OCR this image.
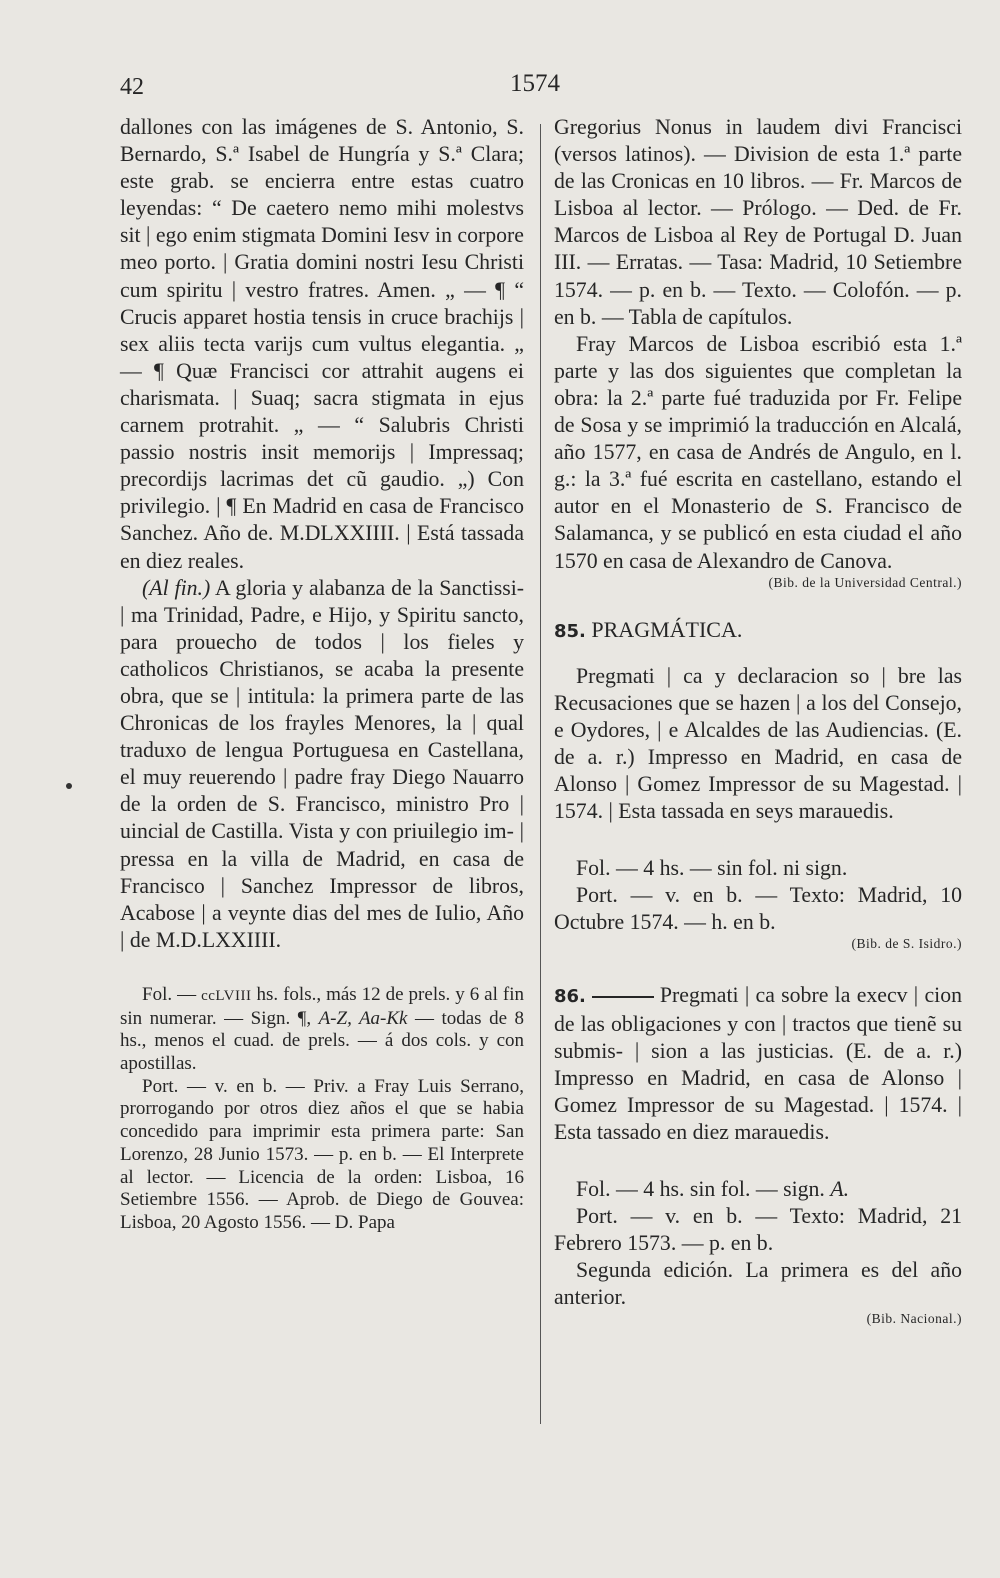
42	1574

dallones con las imágenes de S. Antonio, S. Bernardo, S.ª Isabel de Hungría y S.ª Clara; este grab. se encierra entre estas cuatro leyendas: “ De caetero nemo mihi molestvs sit | ego enim stigmata Domini Iesv in corpore meo porto. | Gratia domini nostri Iesu Christi cum spiritu | vestro fratres. Amen. „ — ¶ “ Crucis apparet hostia tensis in cruce brachijs | sex aliis tecta varijs cum vultus elegantia. „ — ¶ Quæ Francisci cor attrahit augens ei charismata. | Suaq; sacra stigmata in ejus carnem protrahit. „ — “ Salubris Christi passio nostris insit memorijs | Impressaq; precordijs lacrimas det cũ gaudio. „) Con privilegio. | ¶ En Madrid en casa de Francisco Sanchez. Año de. M.DLXXIIII. | Está tassada en diez reales.

(Al fin.) A gloria y alabanza de la Sanctissi- | ma Trinidad, Padre, e Hijo, y Spiritu sancto, para prouecho de todos | los fieles y catholicos Christianos, se acaba la presente obra, que se | intitula: la primera parte de las Chronicas de los frayles Menores, la | qual traduxo de lengua Portuguesa en Castellana, el muy reuerendo | padre fray Diego Nauarro de la orden de S. Francisco, ministro Pro | uincial de Castilla. Vista y con priuilegio im- | pressa en la villa de Madrid, en casa de Francisco | Sanchez Impressor de libros, Acabose | a veynte dias del mes de Iulio, Año | de M.D.LXXIIII.

Fol. — ccLVIII hs. fols., más 12 de prels. y 6 al fin sin numerar. — Sign. ¶, A-Z, Aa-Kk — todas de 8 hs., menos el cuad. de prels. — á dos cols. y con apostillas.

Port. — v. en b. — Priv. a Fray Luis Serrano, prorrogando por otros diez años el que se habia concedido para imprimir esta primera parte: San Lorenzo, 28 Junio 1573. — p. en b. — El Interprete al lector. — Licencia de la orden: Lisboa, 16 Setiembre 1556. — Aprob. de Diego de Gouvea: Lisboa, 20 Agosto 1556. — D. Papa

Gregorius Nonus in laudem divi Francisci (versos latinos). — Division de esta 1.ª parte de las Cronicas en 10 libros. — Fr. Marcos de Lisboa al lector. — Prólogo. — Ded. de Fr. Marcos de Lisboa al Rey de Portugal D. Juan III. — Erratas. — Tasa: Madrid, 10 Setiembre 1574. — p. en b. — Texto. — Colofón. — p. en b. — Tabla de capítulos.

Fray Marcos de Lisboa escribió esta 1.ª parte y las dos siguientes que completan la obra: la 2.ª parte fué traduzida por Fr. Felipe de Sosa y se imprimió la traducción en Alcalá, año 1577, en casa de Andrés de Angulo, en l. g.: la 3.ª fué escrita en castellano, estando el autor en el Monasterio de S. Francisco de Salamanca, y se publicó en esta ciudad el año 1570 en casa de Alexandro de Canova.

(Bib. de la Universidad Central.)

85. PRAGMÁTICA.

Pregmati | ca y declaracion so | bre las Recusaciones que se hazen | a los del Consejo, e Oydores, | e Alcaldes de las Audiencias. (E. de a. r.) Impresso en Madrid, en casa de Alonso | Gomez Impressor de su Magestad. | 1574. | Esta tassada en seys marauedis.

Fol. — 4 hs. — sin fol. ni sign.

Port. — v. en b. — Texto: Madrid, 10 Octubre 1574. — h. en b.

(Bib. de S. Isidro.)

86.	Pregmati | ca sobre la execv | cion de las obligaciones y con | tractos que tienẽ su submis- | sion a las justicias. (E. de a. r.) Impresso en Madrid, en casa de Alonso | Gomez Impressor de su Magestad. | 1574. | Esta tassado en diez marauedis.

Fol. — 4 hs. sin fol. — sign. A.

Port. — v. en b. — Texto: Madrid, 21 Febrero 1573. — p. en b.

Segunda edición. La primera es del año anterior.

(Bib. Nacional.)
